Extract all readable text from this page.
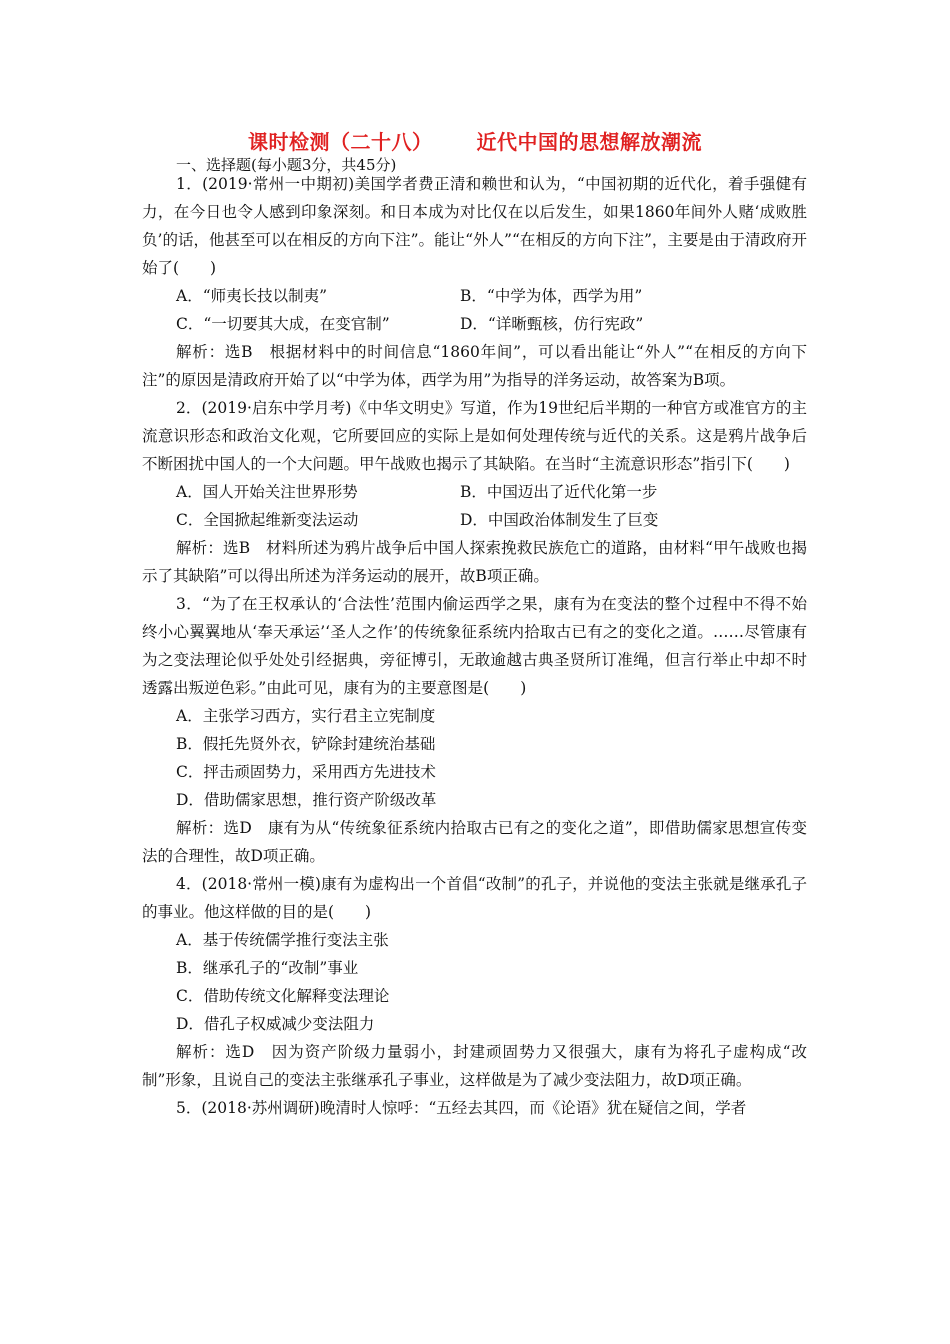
课时检测（二十八） 近代中国的思想解放潮流
一、选择题(每小题3分，共45分)

1．(2019·常州一中期初)美国学者费正清和赖世和认为，“中国初期的近代化，着手强健有力，在今日也令人感到印象深刻。和日本成为对比仅在以后发生，如果1860年间外人赌‘成败胜负’的话，他甚至可以在相反的方向下注”。能让“外人”“在相反的方向下注”，主要是由于清政府开始了(　　)

A．“师夷长技以制夷”	B．“中学为体，西学为用”
C．“一切要其大成，在变官制”	D．“详晰甄核，仿行宪政”

解析：选B　根据材料中的时间信息“1860年间”，可以看出能让“外人”“在相反的方向下注”的原因是清政府开始了以“中学为体，西学为用”为指导的洋务运动，故答案为B项。

2．(2019·启东中学月考)《中华文明史》写道，作为19世纪后半期的一种官方或准官方的主流意识形态和政治文化观，它所要回应的实际上是如何处理传统与近代的关系。这是鸦片战争后不断困扰中国人的一个大问题。甲午战败也揭示了其缺陷。在当时“主流意识形态”指引下(　　)

A．国人开始关注世界形势	B．中国迈出了近代化第一步
C．全国掀起维新变法运动	D．中国政治体制发生了巨变

解析：选B　材料所述为鸦片战争后中国人探索挽救民族危亡的道路，由材料“甲午战败也揭示了其缺陷”可以得出所述为洋务运动的展开，故B项正确。

3．“为了在王权承认的‘合法性’范围内偷运西学之果，康有为在变法的整个过程中不得不始终小心翼翼地从‘奉天承运’‘圣人之作’的传统象征系统内拾取古已有之的变化之道。……尽管康有为之变法理论似乎处处引经据典，旁征博引，无敢逾越古典圣贤所订准绳，但言行举止中却不时透露出叛逆色彩。”由此可见，康有为的主要意图是(　　)

A．主张学习西方，实行君主立宪制度
B．假托先贤外衣，铲除封建统治基础
C．抨击顽固势力，采用西方先进技术
D．借助儒家思想，推行资产阶级改革

解析：选D　康有为从“传统象征系统内拾取古已有之的变化之道”，即借助儒家思想宣传变法的合理性，故D项正确。

4．(2018·常州一模)康有为虚构出一个首倡“改制”的孔子，并说他的变法主张就是继承孔子的事业。他这样做的目的是(　　)

A．基于传统儒学推行变法主张
B．继承孔子的“改制”事业
C．借助传统文化解释变法理论
D．借孔子权威减少变法阻力

解析：选D　因为资产阶级力量弱小，封建顽固势力又很强大，康有为将孔子虚构成“改制”形象，且说自己的变法主张继承孔子事业，这样做是为了减少变法阻力，故D项正确。

5．(2018·苏州调研)晚清时人惊呼：“五经去其四，而《论语》犹在疑信之间，学者
